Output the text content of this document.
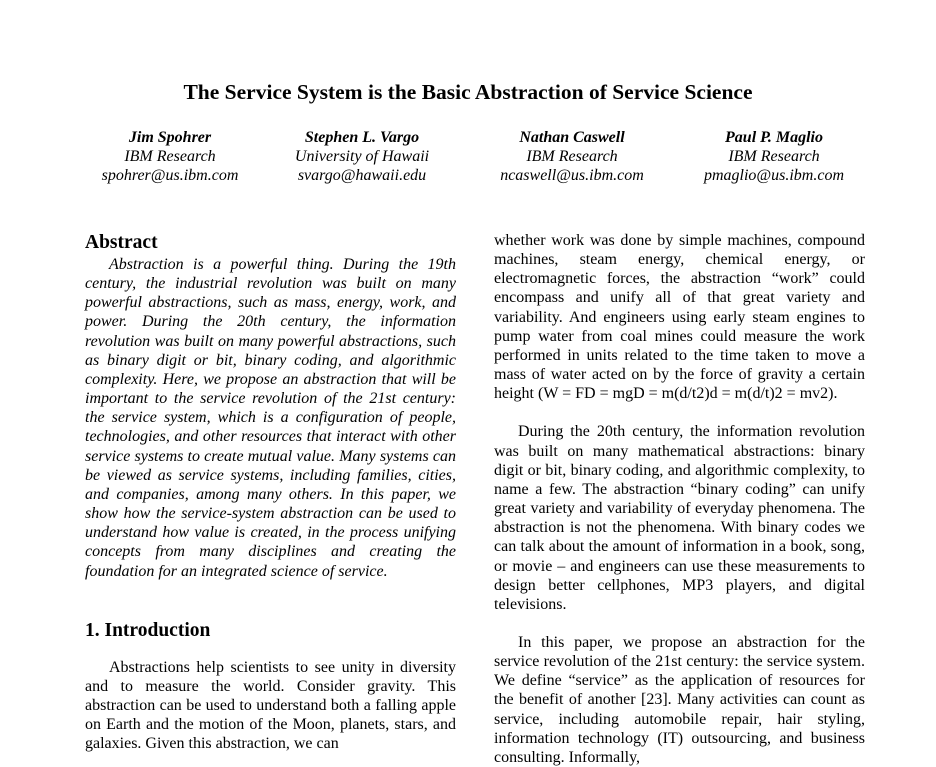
The Service System is the Basic Abstraction of Service Science
Jim Spohrer
IBM Research
spohrer@us.ibm.com
Stephen L. Vargo
University of Hawaii
svargo@hawaii.edu
Nathan Caswell
IBM Research
ncaswell@us.ibm.com
Paul P. Maglio
IBM Research
pmaglio@us.ibm.com

Abstract

Abstraction is a powerful thing. During the 19th century, the industrial revolution was built on many powerful abstractions, such as mass, energy, work, and power. During the 20th century, the information revolution was built on many powerful abstractions, such as binary digit or bit, binary coding, and algorithmic complexity. Here, we propose an abstraction that will be important to the service revolution of the 21st century: the service system, which is a configuration of people, technologies, and other resources that interact with other service systems to create mutual value. Many systems can be viewed as service systems, including families, cities, and companies, among many others. In this paper, we show how the service-system abstraction can be used to understand how value is created, in the process unifying concepts from many disciplines and creating the foundation for an integrated science of service.

1. Introduction

Abstractions help scientists to see unity in diversity and to measure the world. Consider gravity. This abstraction can be used to understand both a falling apple on Earth and the motion of the Moon, planets, stars, and galaxies. Given this abstraction, we can

whether work was done by simple machines, compound machines, steam energy, chemical energy, or electromagnetic forces, the abstraction “work” could encompass and unify all of that great variety and variability. And engineers using early steam engines to pump water from coal mines could measure the work performed in units related to the time taken to move a mass of water acted on by the force of gravity a certain height (W = FD = mgD = m(d/t2)d = m(d/t)2 = mv2).

During the 20th century, the information revolution was built on many mathematical abstractions: binary digit or bit, binary coding, and algorithmic complexity, to name a few. The abstraction “binary coding” can unify great variety and variability of everyday phenomena. The abstraction is not the phenomena. With binary codes we can talk about the amount of information in a book, song, or movie – and engineers can use these measurements to design better cellphones, MP3 players, and digital televisions.

In this paper, we propose an abstraction for the service revolution of the 21st century: the service system. We define “service” as the application of resources for the benefit of another [23]. Many activities can count as service, including automobile repair, hair styling, information technology (IT) outsourcing, and business consulting. Informally,
